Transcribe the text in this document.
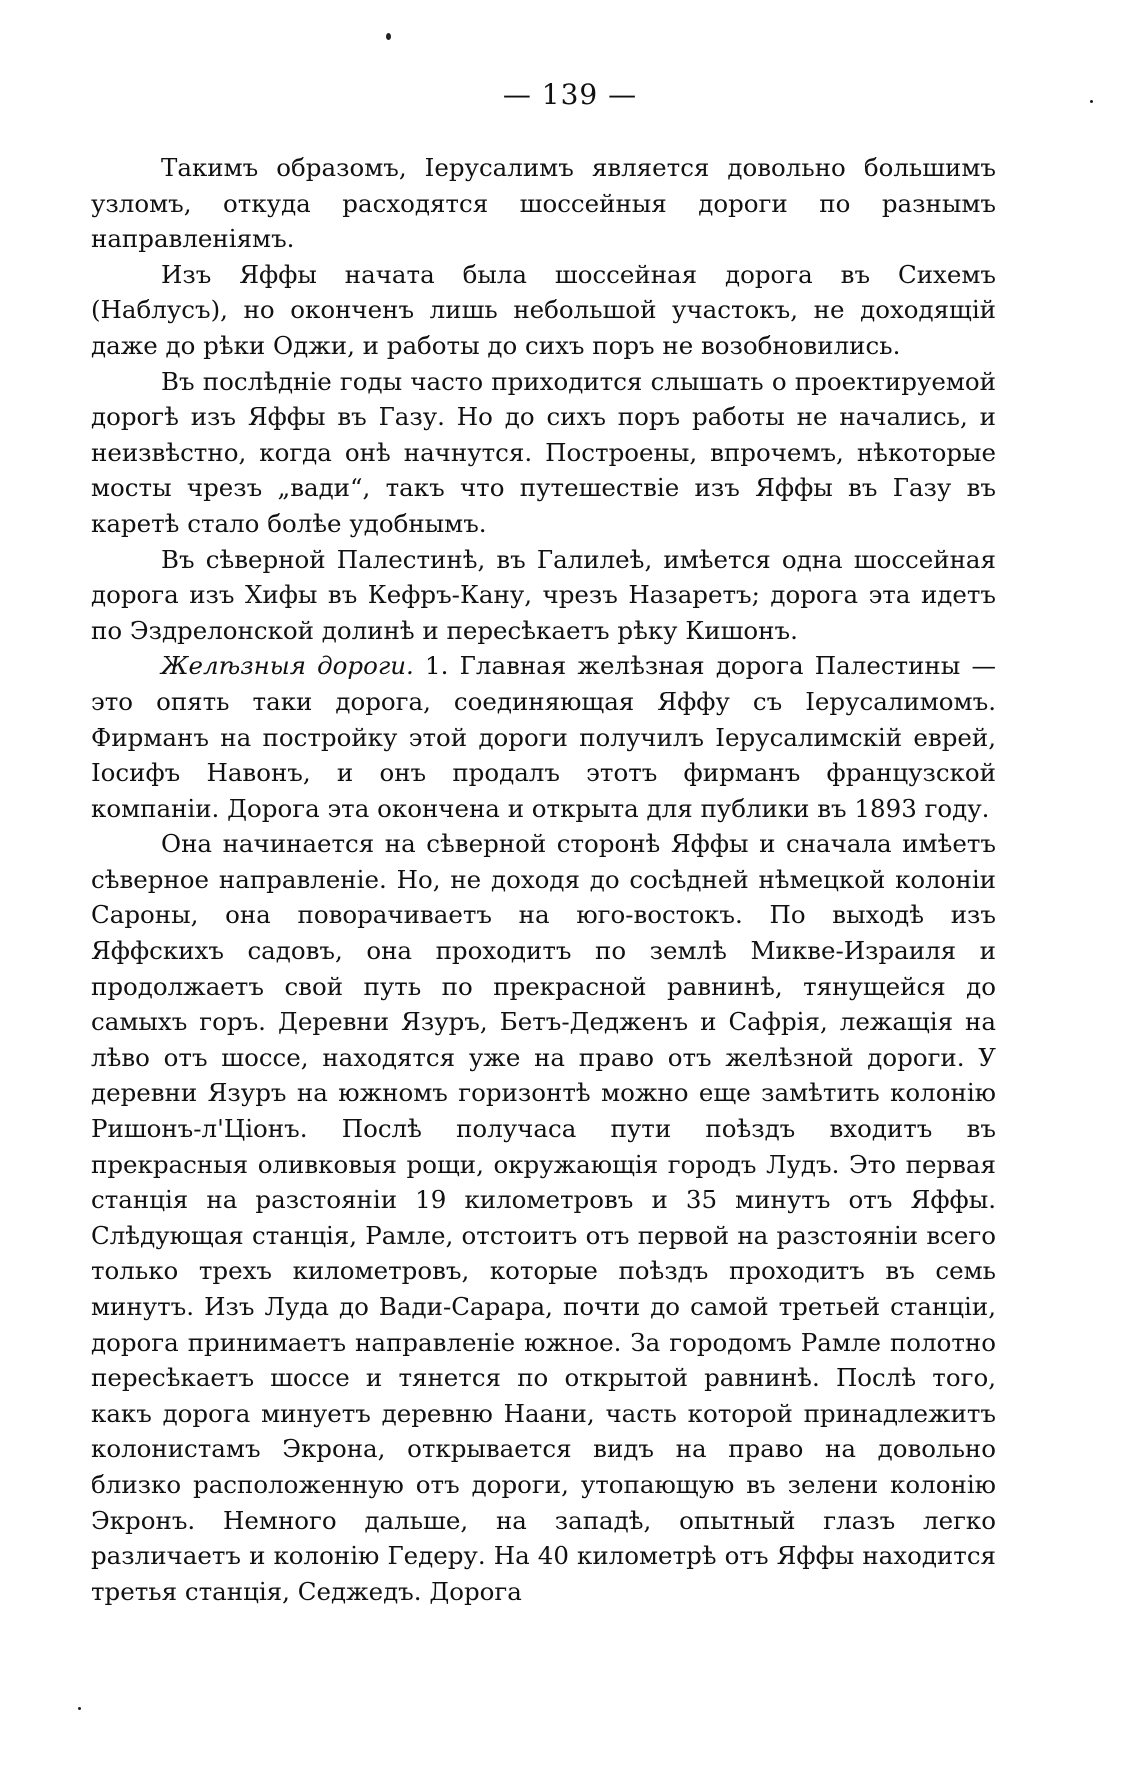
— 139 —

Такимъ образомъ, Іерусалимъ является довольно большимъ узломъ, откуда расходятся шоссейныя дороги по разнымъ направленіямъ.

Изъ Яффы начата была шоссейная дорога въ Сихемъ (Наблусъ), но оконченъ лишь небольшой участокъ, не доходящій даже до рѣки Оджи, и работы до сихъ поръ не возобновились.

Въ послѣдніе годы часто приходится слышать о проектируемой дорогѣ изъ Яффы въ Газу. Но до сихъ поръ работы не начались, и неизвѣстно, когда онѣ начнутся. Построены, впрочемъ, нѣкоторые мосты чрезъ „вади“, такъ что путешествіе изъ Яффы въ Газу въ каретѣ стало болѣе удобнымъ.

Въ сѣверной Палестинѣ, въ Галилеѣ, имѣется одна шоссейная дорога изъ Хифы въ Кефръ-Кану, чрезъ Назаретъ; дорога эта идетъ по Эздрелонской долинѣ и пересѣкаетъ рѣку Кишонъ.

Желѣзныя дороги. 1. Главная желѣзная дорога Палестины — это опять таки дорога, соединяющая Яффу съ Іерусалимомъ. Фирманъ на постройку этой дороги получилъ Іерусалимскій еврей, Іосифъ Навонъ, и онъ продалъ этотъ фирманъ французской компаніи. Дорога эта окончена и открыта для публики въ 1893 году.

Она начинается на сѣверной сторонѣ Яффы и сначала имѣетъ сѣверное направленіе. Но, не доходя до сосѣдней нѣмецкой колоніи Сароны, она поворачиваетъ на юго-востокъ. По выходѣ изъ Яффскихъ садовъ, она проходитъ по землѣ Микве-Израиля и продолжаетъ свой путь по прекрасной равнинѣ, тянущейся до самыхъ горъ. Деревни Язуръ, Бетъ-Дедженъ и Сафрія, лежащія на лѣво отъ шоссе, находятся уже на право отъ желѣзной дороги. У деревни Язуръ на южномъ горизонтѣ можно еще замѣтить колонію Ришонъ-л'Ціонъ. Послѣ получаса пути поѣздъ входитъ въ прекрасныя оливковыя рощи, окружающія городъ Лудъ. Это первая станція на разстояніи 19 километровъ и 35 минутъ отъ Яффы. Слѣдующая станція, Рамле, отстоитъ отъ первой на разстояніи всего только трехъ километровъ, которые поѣздъ проходитъ въ семь минутъ. Изъ Луда до Вади-Сарара, почти до самой третьей станціи, дорога принимаетъ направленіе южное. За городомъ Рамле полотно пересѣкаетъ шоссе и тянется по открытой равнинѣ. Послѣ того, какъ дорога минуетъ деревню Наани, часть которой принадлежитъ колонистамъ Экрона, открывается видъ на право на довольно близко расположенную отъ дороги, утопающую въ зелени колонію Экронъ. Немного дальше, на западѣ, опытный глазъ легко различаетъ и колонію Гедеру. На 40 километрѣ отъ Яффы находится третья станція, Седжедъ. Дорога
